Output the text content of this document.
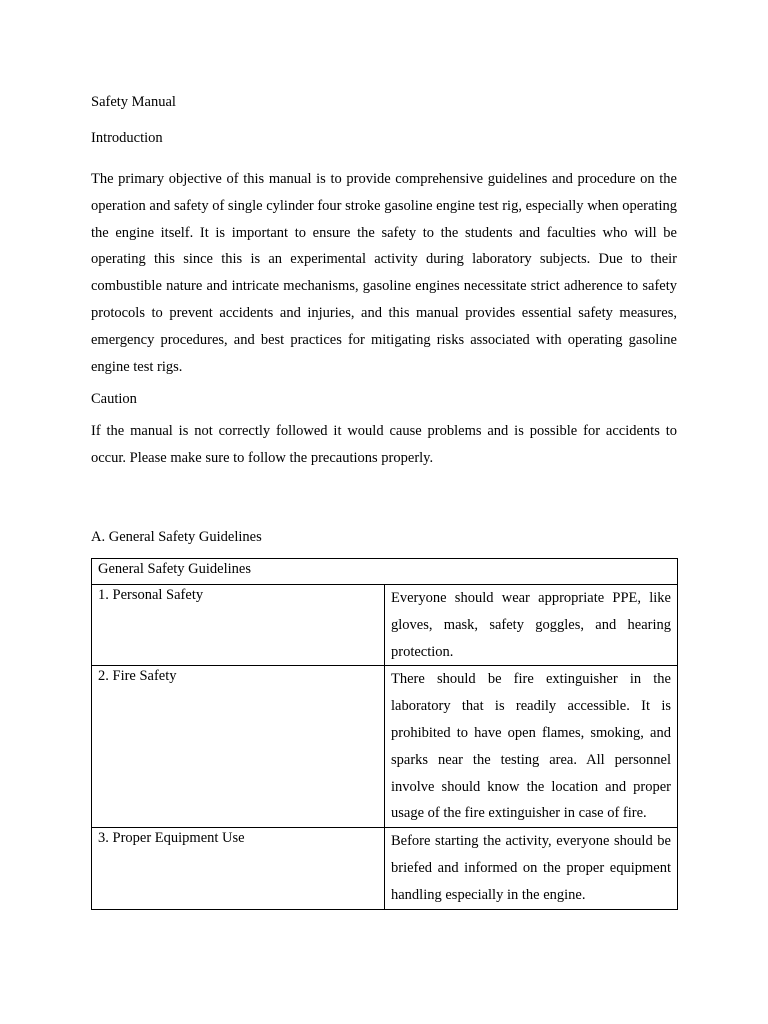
Safety Manual

Introduction

The primary objective of this manual is to provide comprehensive guidelines and procedure on the operation and safety of single cylinder four stroke gasoline engine test rig, especially when operating the engine itself. It is important to ensure the safety to the students and faculties who will be operating this since this is an experimental activity during laboratory subjects. Due to their combustible nature and intricate mechanisms, gasoline engines necessitate strict adherence to safety protocols to prevent accidents and injuries, and this manual provides essential safety measures, emergency procedures, and best practices for mitigating risks associated with operating gasoline engine test rigs.

Caution

If the manual is not correctly followed it would cause problems and is possible for accidents to occur. Please make sure to follow the precautions properly.

A. General Safety Guidelines

General Safety Guidelines	
1. Personal Safety	Everyone should wear appropriate PPE, like gloves, mask, safety goggles, and hearing protection.
2. Fire Safety	There should be fire extinguisher in the laboratory that is readily accessible. It is prohibited to have open flames, smoking, and sparks near the testing area. All personnel involve should know the location and proper usage of the fire extinguisher in case of fire.
3. Proper Equipment Use	Before starting the activity, everyone should be briefed and informed on the proper equipment handling especially in the engine.
